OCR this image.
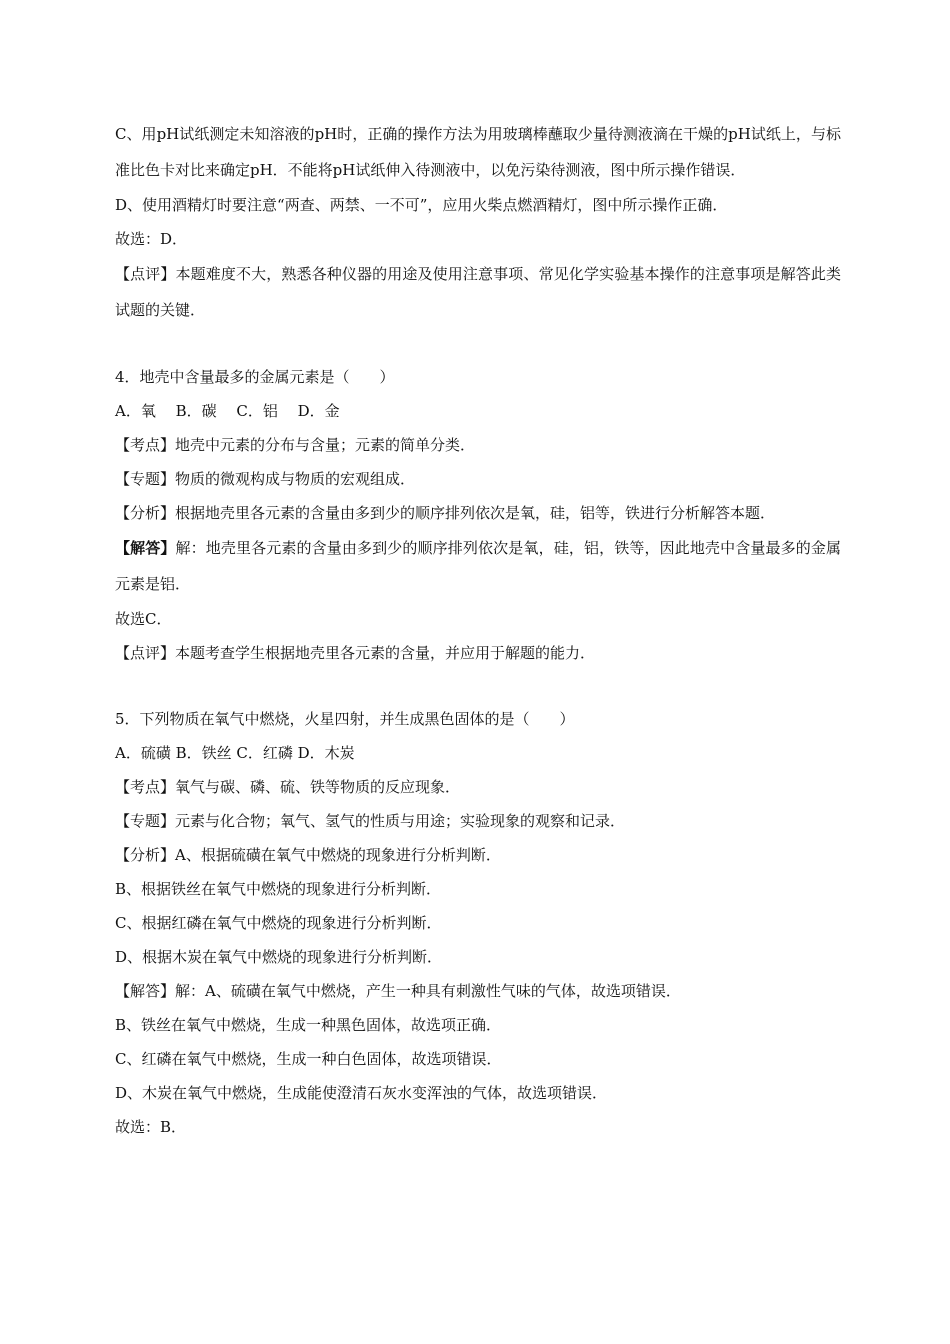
C、用pH试纸测定未知溶液的pH时，正确的操作方法为用玻璃棒蘸取少量待测液滴在干燥的pH试纸上，与标准比色卡对比来确定pH．不能将pH试纸伸入待测液中，以免污染待测液，图中所示操作错误．
D、使用酒精灯时要注意“两查、两禁、一不可”，应用火柴点燃酒精灯，图中所示操作正确．
故选：D．
【点评】本题难度不大，熟悉各种仪器的用途及使用注意事项、常见化学实验基本操作的注意事项是解答此类试题的关键．
4．地壳中含量最多的金属元素是（　　）
A．氧　 B．碳　 C．铝　 D．金
【考点】地壳中元素的分布与含量；元素的简单分类．
【专题】物质的微观构成与物质的宏观组成．
【分析】根据地壳里各元素的含量由多到少的顺序排列依次是氧，硅，铝等，铁进行分析解答本题．
【解答】解：地壳里各元素的含量由多到少的顺序排列依次是氧，硅，铝，铁等，因此地壳中含量最多的金属元素是铝．
故选C．
【点评】本题考查学生根据地壳里各元素的含量，并应用于解题的能力．
5．下列物质在氧气中燃烧，火星四射，并生成黑色固体的是（　　）
A．硫磺 B．铁丝 C．红磷 D．木炭
【考点】氧气与碳、磷、硫、铁等物质的反应现象．
【专题】元素与化合物；氧气、氢气的性质与用途；实验现象的观察和记录．
【分析】A、根据硫磺在氧气中燃烧的现象进行分析判断．
B、根据铁丝在氧气中燃烧的现象进行分析判断．
C、根据红磷在氧气中燃烧的现象进行分析判断．
D、根据木炭在氧气中燃烧的现象进行分析判断．
【解答】解：A、硫磺在氧气中燃烧，产生一种具有刺激性气味的气体，故选项错误．
B、铁丝在氧气中燃烧，生成一种黑色固体，故选项正确．
C、红磷在氧气中燃烧，生成一种白色固体，故选项错误．
D、木炭在氧气中燃烧，生成能使澄清石灰水变浑浊的气体，故选项错误．
故选：B．
